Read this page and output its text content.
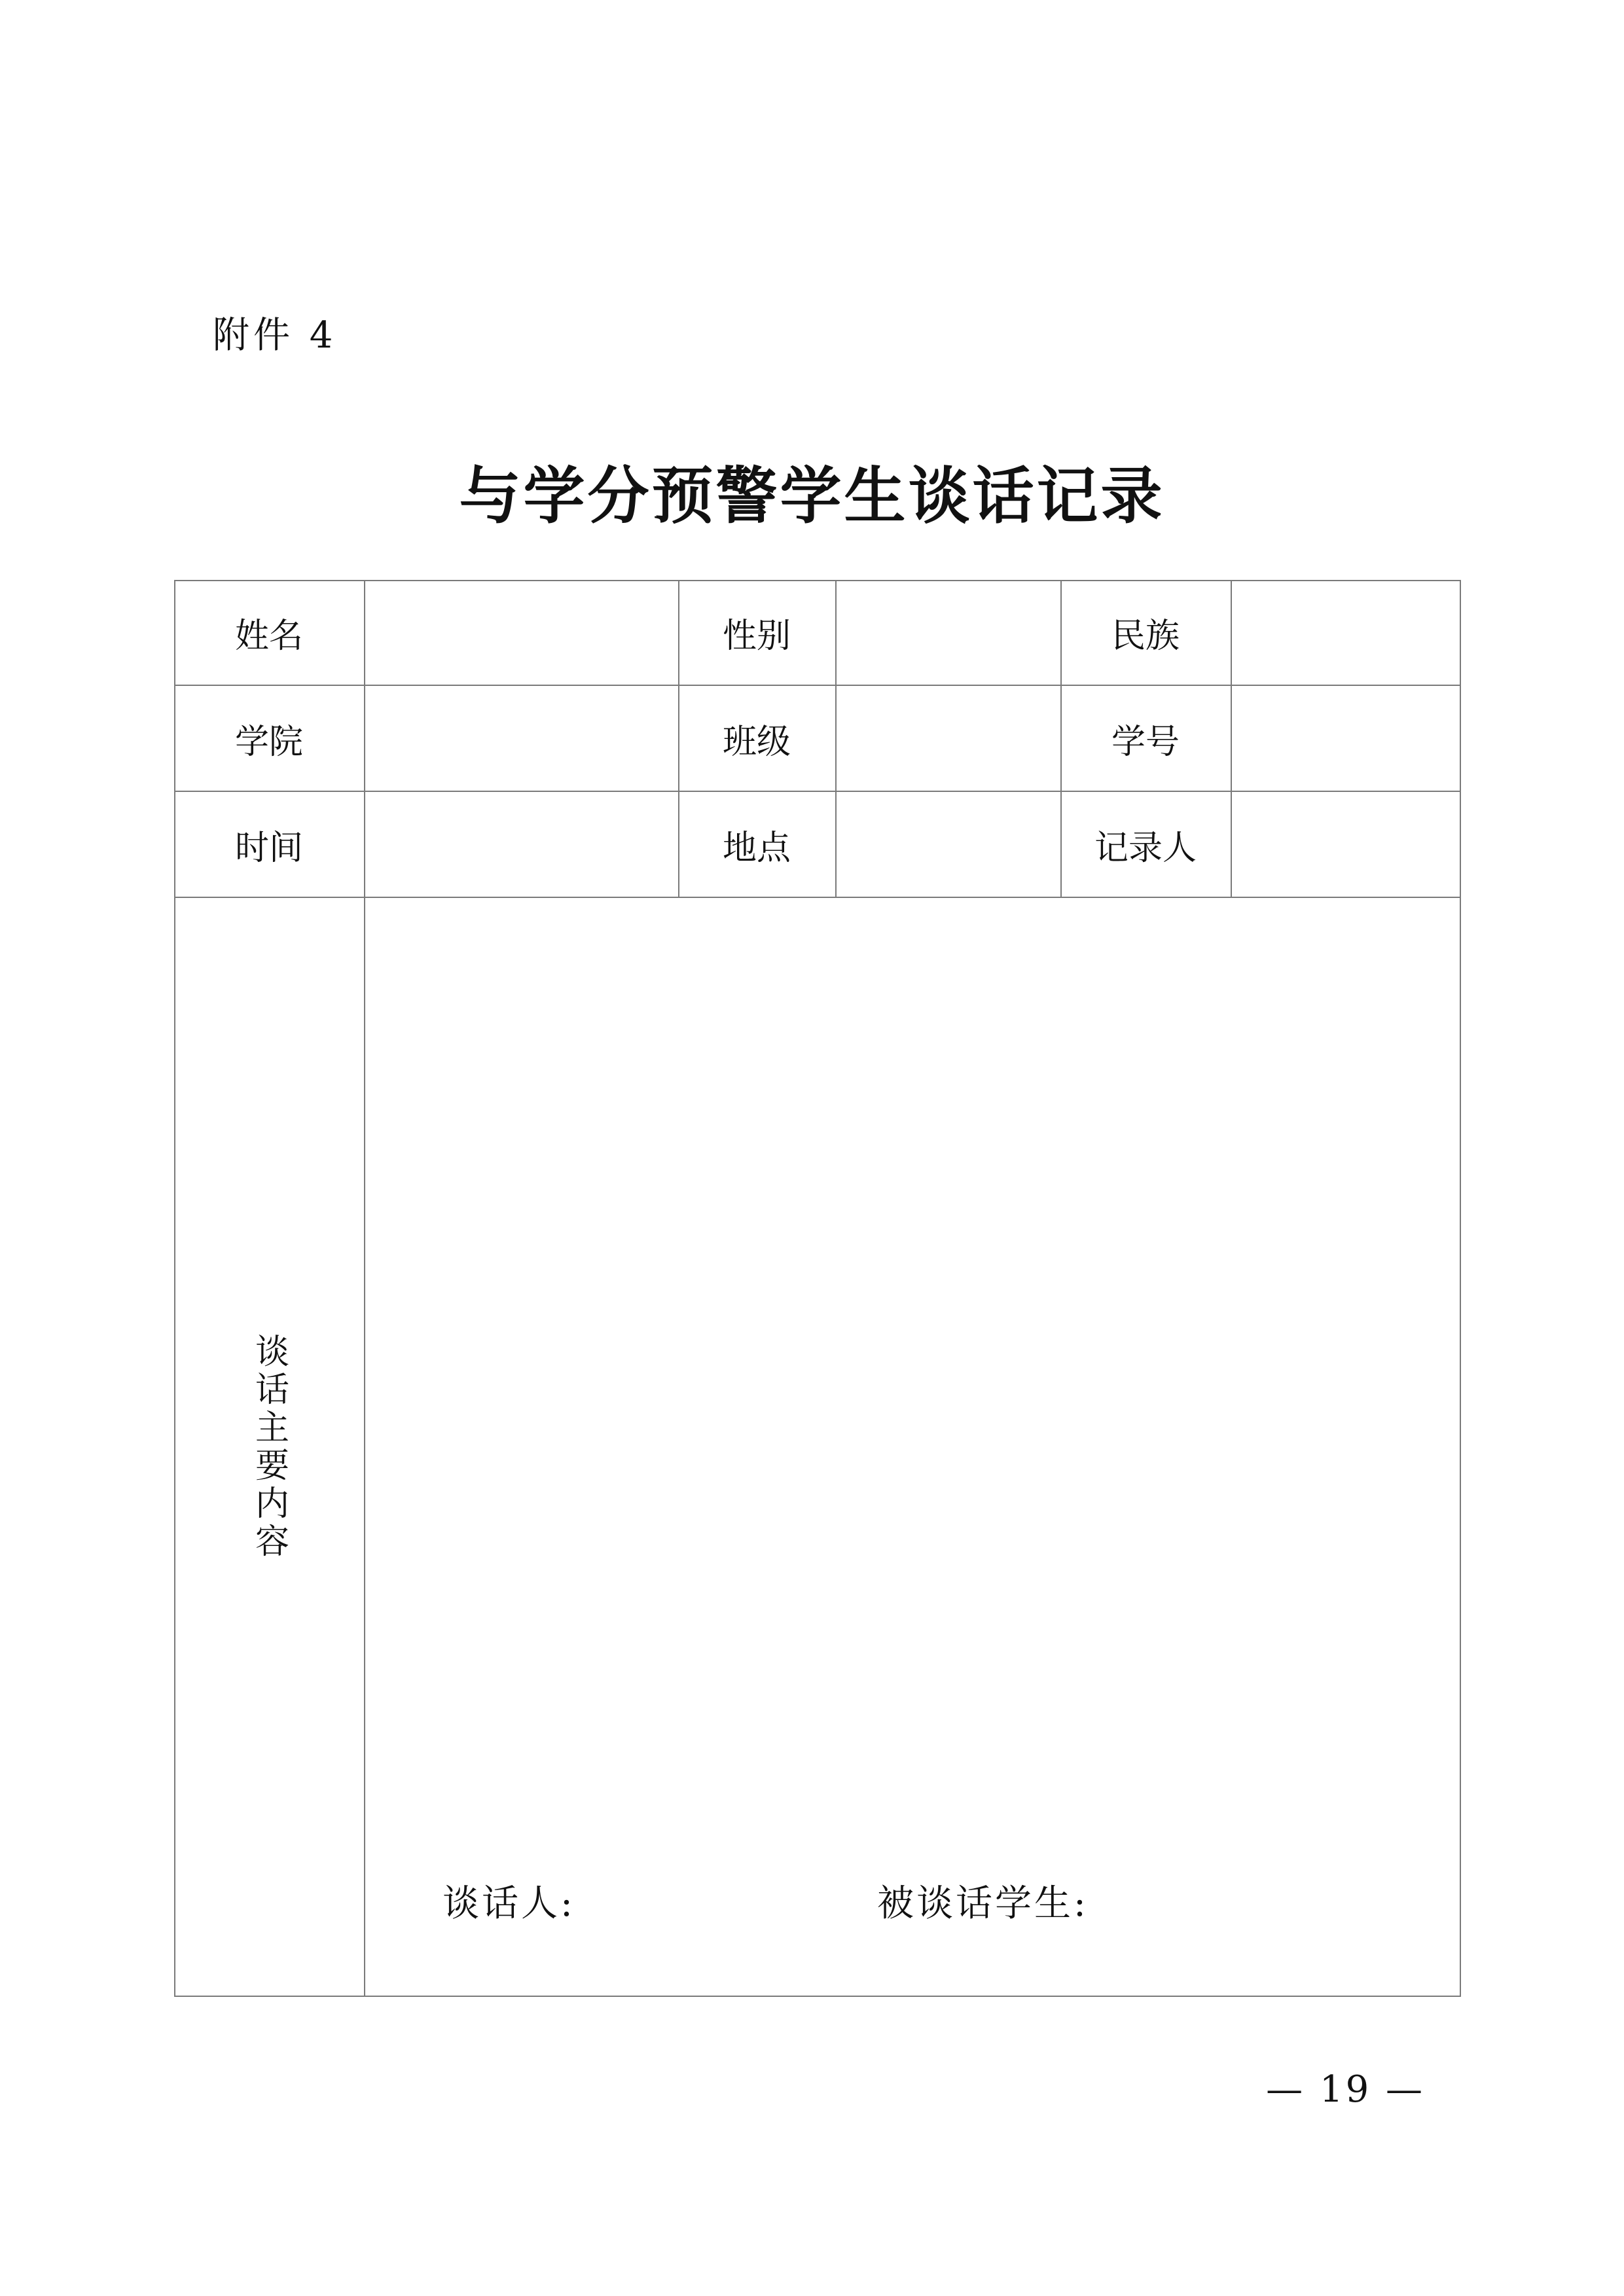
附件 4
与学分预警学生谈话记录
姓名	性别	民族
学院	班级	学号
时间	地点	记录人
谈话主要内容
谈话人:	被谈话学生:
— 19 —
